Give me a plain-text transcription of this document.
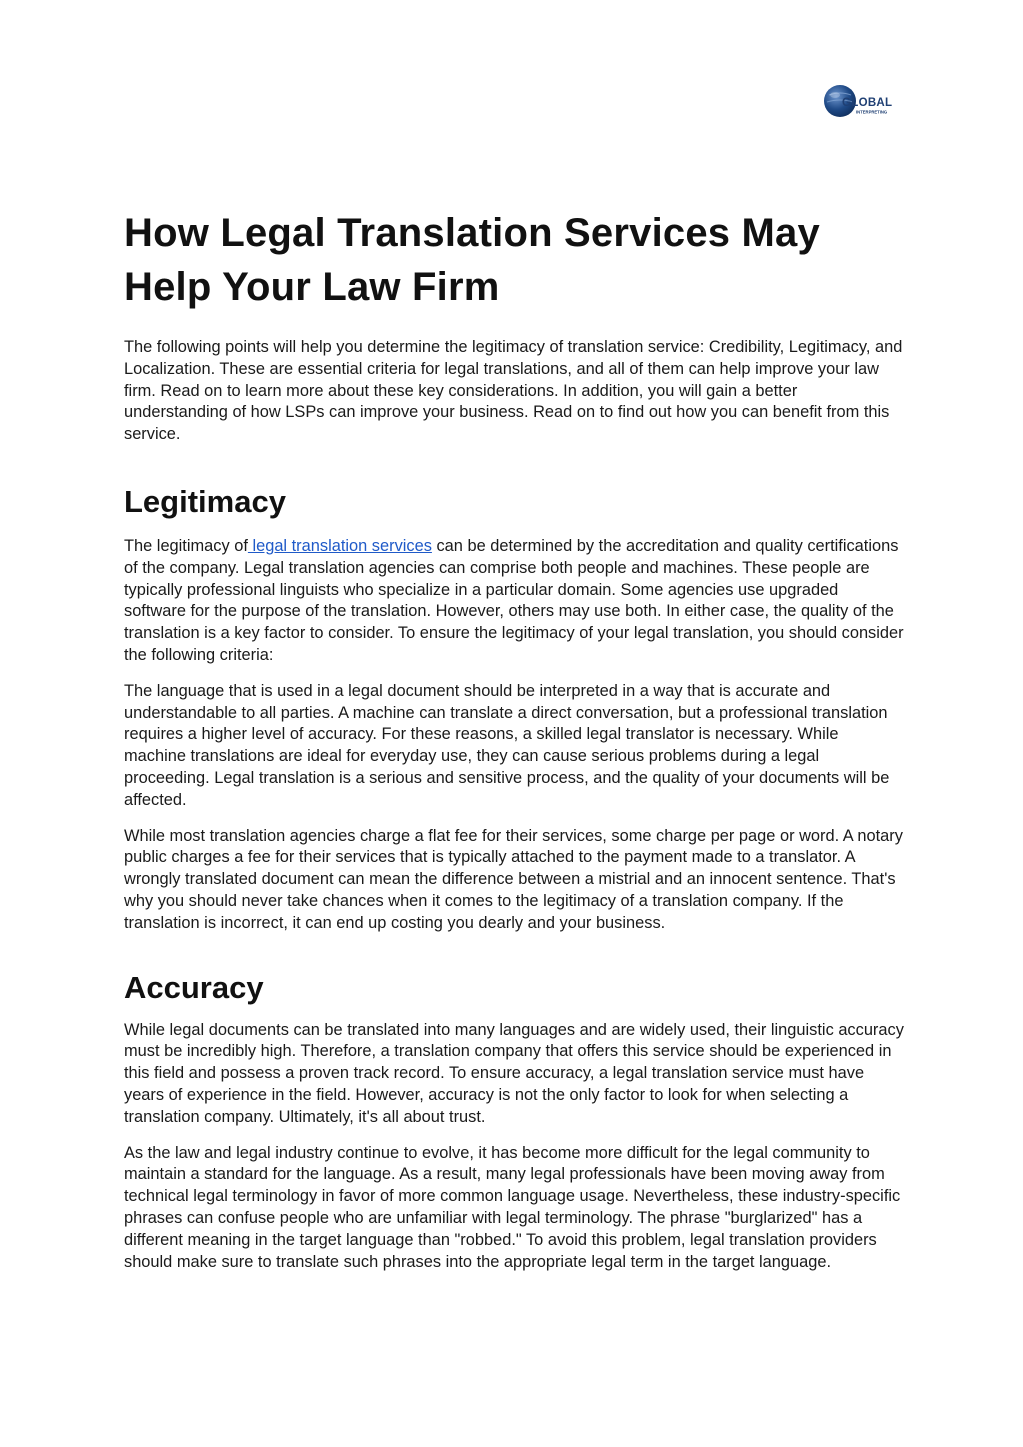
GLOBAL
INTERPRETING
How Legal Translation Services May Help Your Law Firm

The following points will help you determine the legitimacy of translation service: Credibility, Legitimacy, and Localization. These are essential criteria for legal translations, and all of them can help improve your law firm. Read on to learn more about these key considerations. In addition, you will gain a better understanding of how LSPs can improve your business. Read on to find out how you can benefit from this service.

Legitimacy

The legitimacy of legal translation services can be determined by the accreditation and quality certifications of the company. Legal translation agencies can comprise both people and machines. These people are typically professional linguists who specialize in a particular domain. Some agencies use upgraded software for the purpose of the translation. However, others may use both. In either case, the quality of the translation is a key factor to consider. To ensure the legitimacy of your legal translation, you should consider the following criteria:

The language that is used in a legal document should be interpreted in a way that is accurate and understandable to all parties. A machine can translate a direct conversation, but a professional translation requires a higher level of accuracy. For these reasons, a skilled legal translator is necessary. While machine translations are ideal for everyday use, they can cause serious problems during a legal proceeding. Legal translation is a serious and sensitive process, and the quality of your documents will be affected.

While most translation agencies charge a flat fee for their services, some charge per page or word. A notary public charges a fee for their services that is typically attached to the payment made to a translator. A wrongly translated document can mean the difference between a mistrial and an innocent sentence. That's why you should never take chances when it comes to the legitimacy of a translation company. If the translation is incorrect, it can end up costing you dearly and your business.

Accuracy

While legal documents can be translated into many languages and are widely used, their linguistic accuracy must be incredibly high. Therefore, a translation company that offers this service should be experienced in this field and possess a proven track record. To ensure accuracy, a legal translation service must have years of experience in the field. However, accuracy is not the only factor to look for when selecting a translation company. Ultimately, it's all about trust.

As the law and legal industry continue to evolve, it has become more difficult for the legal community to maintain a standard for the language. As a result, many legal professionals have been moving away from technical legal terminology in favor of more common language usage. Nevertheless, these industry-specific phrases can confuse people who are unfamiliar with legal terminology. The phrase "burglarized" has a different meaning in the target language than "robbed." To avoid this problem, legal translation providers should make sure to translate such phrases into the appropriate legal term in the target language.
